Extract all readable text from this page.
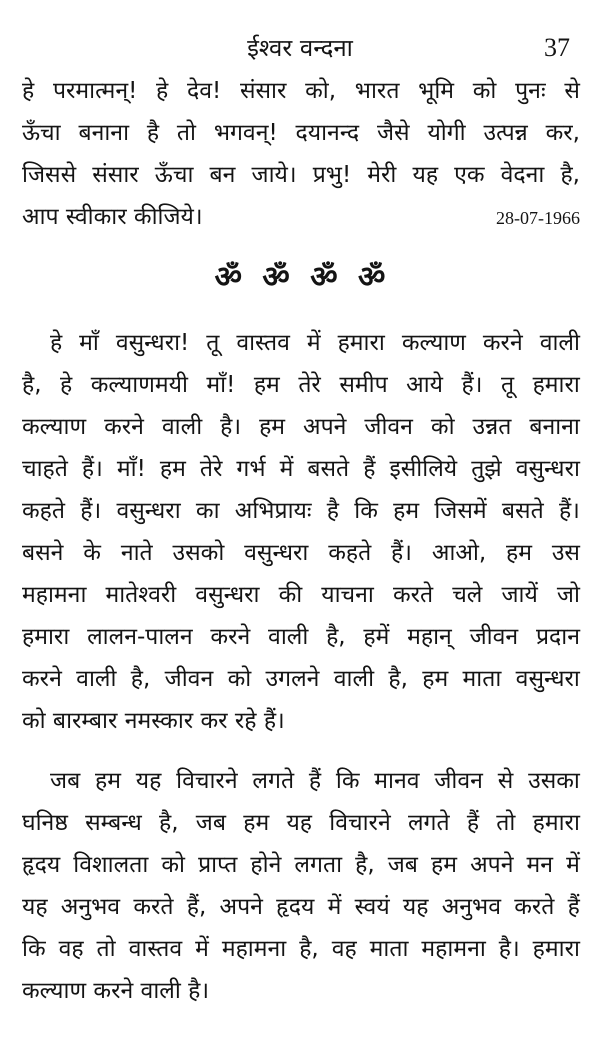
ईश्वर वन्दना	37
हे परमात्मन्! हे देव! संसार को, भारत भूमि को पुनः से
ऊँचा बनाना है तो भगवन्! दयानन्द जैसे योगी उत्पन्न कर,
जिससे संसार ऊँचा बन जाये। प्रभु! मेरी यह एक वेदना है,
आप स्वीकार कीजिये।	28-07-1966
ॐ ॐ ॐ ॐ
हे माँ वसुन्धरा! तू वास्तव में हमारा कल्याण करने वाली
है, हे कल्याणमयी माँ! हम तेरे समीप आये हैं। तू हमारा
कल्याण करने वाली है। हम अपने जीवन को उन्नत बनाना
चाहते हैं। माँ! हम तेरे गर्भ में बसते हैं इसीलिये तुझे वसुन्धरा
कहते हैं। वसुन्धरा का अभिप्रायः है कि हम जिसमें बसते हैं।
बसने के नाते उसको वसुन्धरा कहते हैं। आओ, हम उस
महामना मातेश्वरी वसुन्धरा की याचना करते चले जायें जो
हमारा लालन-पालन करने वाली है, हमें महान् जीवन प्रदान
करने वाली है, जीवन को उगलने वाली है, हम माता वसुन्धरा
को बारम्बार नमस्कार कर रहे हैं।
जब हम यह विचारने लगते हैं कि मानव जीवन से उसका
घनिष्ठ सम्बन्ध है, जब हम यह विचारने लगते हैं तो हमारा
हृदय विशालता को प्राप्त होने लगता है, जब हम अपने मन में
यह अनुभव करते हैं, अपने हृदय में स्वयं यह अनुभव करते हैं
कि वह तो वास्तव में महामना है, वह माता महामना है। हमारा
कल्याण करने वाली है।
